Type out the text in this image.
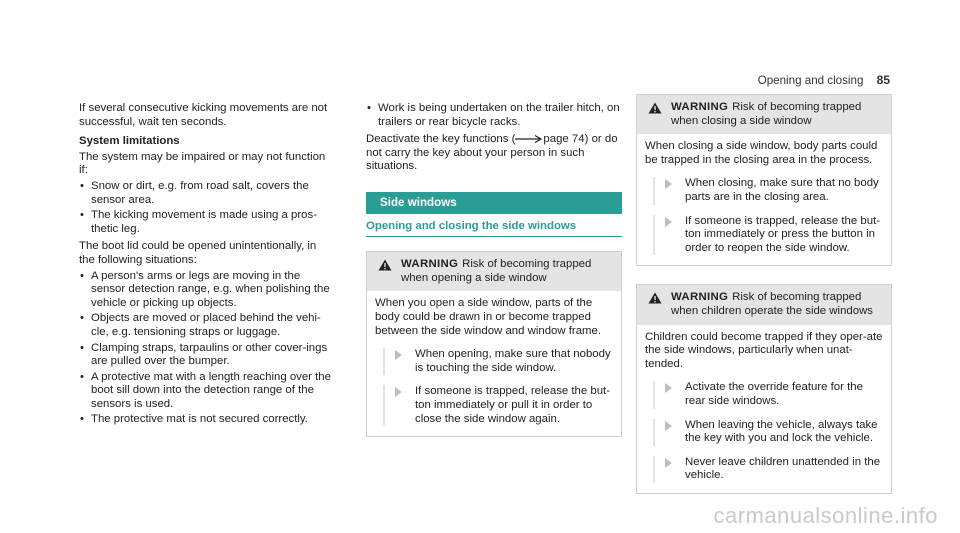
Opening and closing 85

If several consecutive kicking movements are not successful, wait ten seconds.

System limitations

The system may be impaired or may not function if:

• Snow or dirt, e.g. from road salt, covers the sensor area.
• The kicking movement is made using a pros-thetic leg.

The boot lid could be opened unintentionally, in the following situations:

• A person's arms or legs are moving in the sensor detection range, e.g. when polishing the vehicle or picking up objects.
• Objects are moved or placed behind the vehi-cle, e.g. tensioning straps or luggage.
• Clamping straps, tarpaulins or other cover-ings are pulled over the bumper.
• A protective mat with a length reaching over the boot sill down into the detection range of the sensors is used.
• The protective mat is not secured correctly.
• Work is being undertaken on the trailer hitch, on trailers or rear bicycle racks.

Deactivate the key functions ( page 74) or do not carry the key about your person in such situations.

Side windows
Opening and closing the side windows
WARNING Risk of becoming trapped when opening a side window

When you open a side window, parts of the body could be drawn in or become trapped between the side window and window frame.

When opening, make sure that nobody is touching the side window.
If someone is trapped, release the but-ton immediately or pull it in order to close the side window again.
WARNING Risk of becoming trapped when closing a side window

When closing a side window, body parts could be trapped in the closing area in the process.

When closing, make sure that no body parts are in the closing area.
If someone is trapped, release the but-ton immediately or press the button in order to reopen the side window.
WARNING Risk of becoming trapped when children operate the side windows

Children could become trapped if they oper-ate the side windows, particularly when unat-tended.

Activate the override feature for the rear side windows.
When leaving the vehicle, always take the key with you and lock the vehicle.
Never leave children unattended in the vehicle.
carmanualsonline.info
